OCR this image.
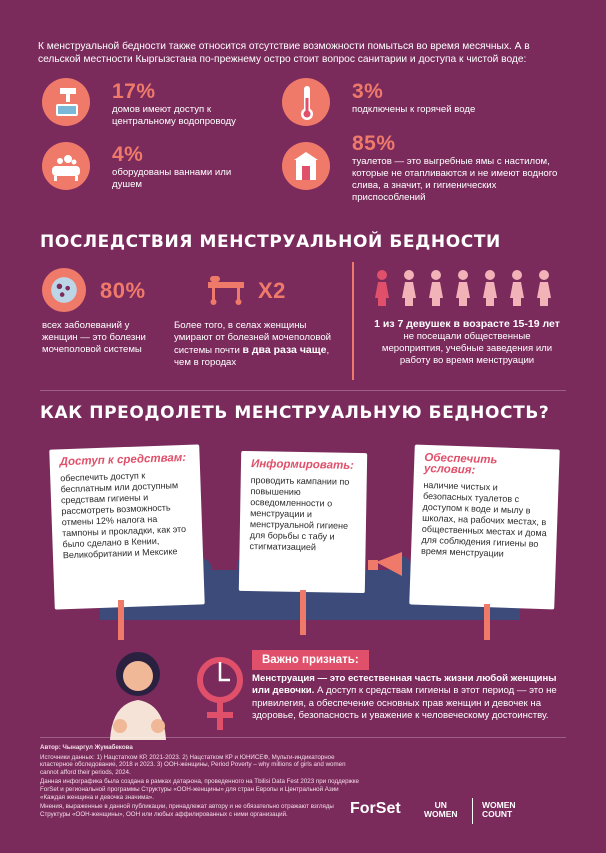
К менструальной бедности также относится отсутствие возможности помыться во время месячных. А в сельской местности Кыргызстана по-прежнему остро стоит вопрос санитарии и доступа к чистой воде:
17%
домов имеют доступ к центральному водопроводу
3%
подключены к горячей воде
4%
оборудованы ваннами или душем
85%
туалетов — это выгребные ямы с настилом, которые не отапливаются и не имеют водного слива, а значит, и гигиенических приспособлений
ПОСЛЕДСТВИЯ МЕНСТРУАЛЬНОЙ БЕДНОСТИ
80%
всех заболеваний у женщин — это болезни мочеполовой системы
X2
Более того, в селах женщины умирают от болезней мочеполовой системы почти в два раза чаще, чем в городах
1 из 7 девушек в возрасте 15-19 лет не посещали общественные мероприятия, учебные заведения или работу во время менструации
КАК ПРЕОДОЛЕТЬ МЕНСТРУАЛЬНУЮ БЕДНОСТЬ?
Доступ к средствам:
обеспечить доступ к бесплатным или доступным средствам гигиены и рассмотреть возможность отмены 12% налога на тампоны и прокладки, как это было сделано в Кении, Великобритании и Мексике
Информировать:
проводить кампании по повышению осведомленности о менструации и менструальной гигиене для борьбы с табу и стигматизацией
Обеспечить условия:
наличие чистых и безопасных туалетов с доступом к воде и мылу в школах, на рабочих местах, в общественных местах и дома для соблюдения гигиены во время менструации
Важно признать:
Менструация — это естественная часть жизни любой женщины или девочки. А доступ к средствам гигиены в этот период — это не привилегия, а обеспечение основных прав женщин и девочек на здоровье, безопасность и уважение к человеческому достоинству.
Автор: Чынаргул Жумабекова
Источники данных: 1) Нацстатком КР, 2021-2023. 2) Нацстатком КР и ЮНИСЕФ, Мульти-индикаторное кластерное обследование, 2018 и 2023. 3) ООН-женщины, Period Poverty – why millions of girls and women cannot afford their periods, 2024.
Данная инфографика была создана в рамках датаթона, проведенного на Tbilisi Data Fest 2023 при поддержке ForSet и региональной программы Структуры «ООН-женщины» для стран Европы и Центральной Азии «Каждая женщина и девочка значима».
Мнения, выраженные в данной публикации, принадлежат автору и не обязательно отражают взгляды Структуры «ООН-женщины», ООН или любых аффилированных с ними организаций.	ForSet	UN
WOMEN
WOMEN
COUNT
